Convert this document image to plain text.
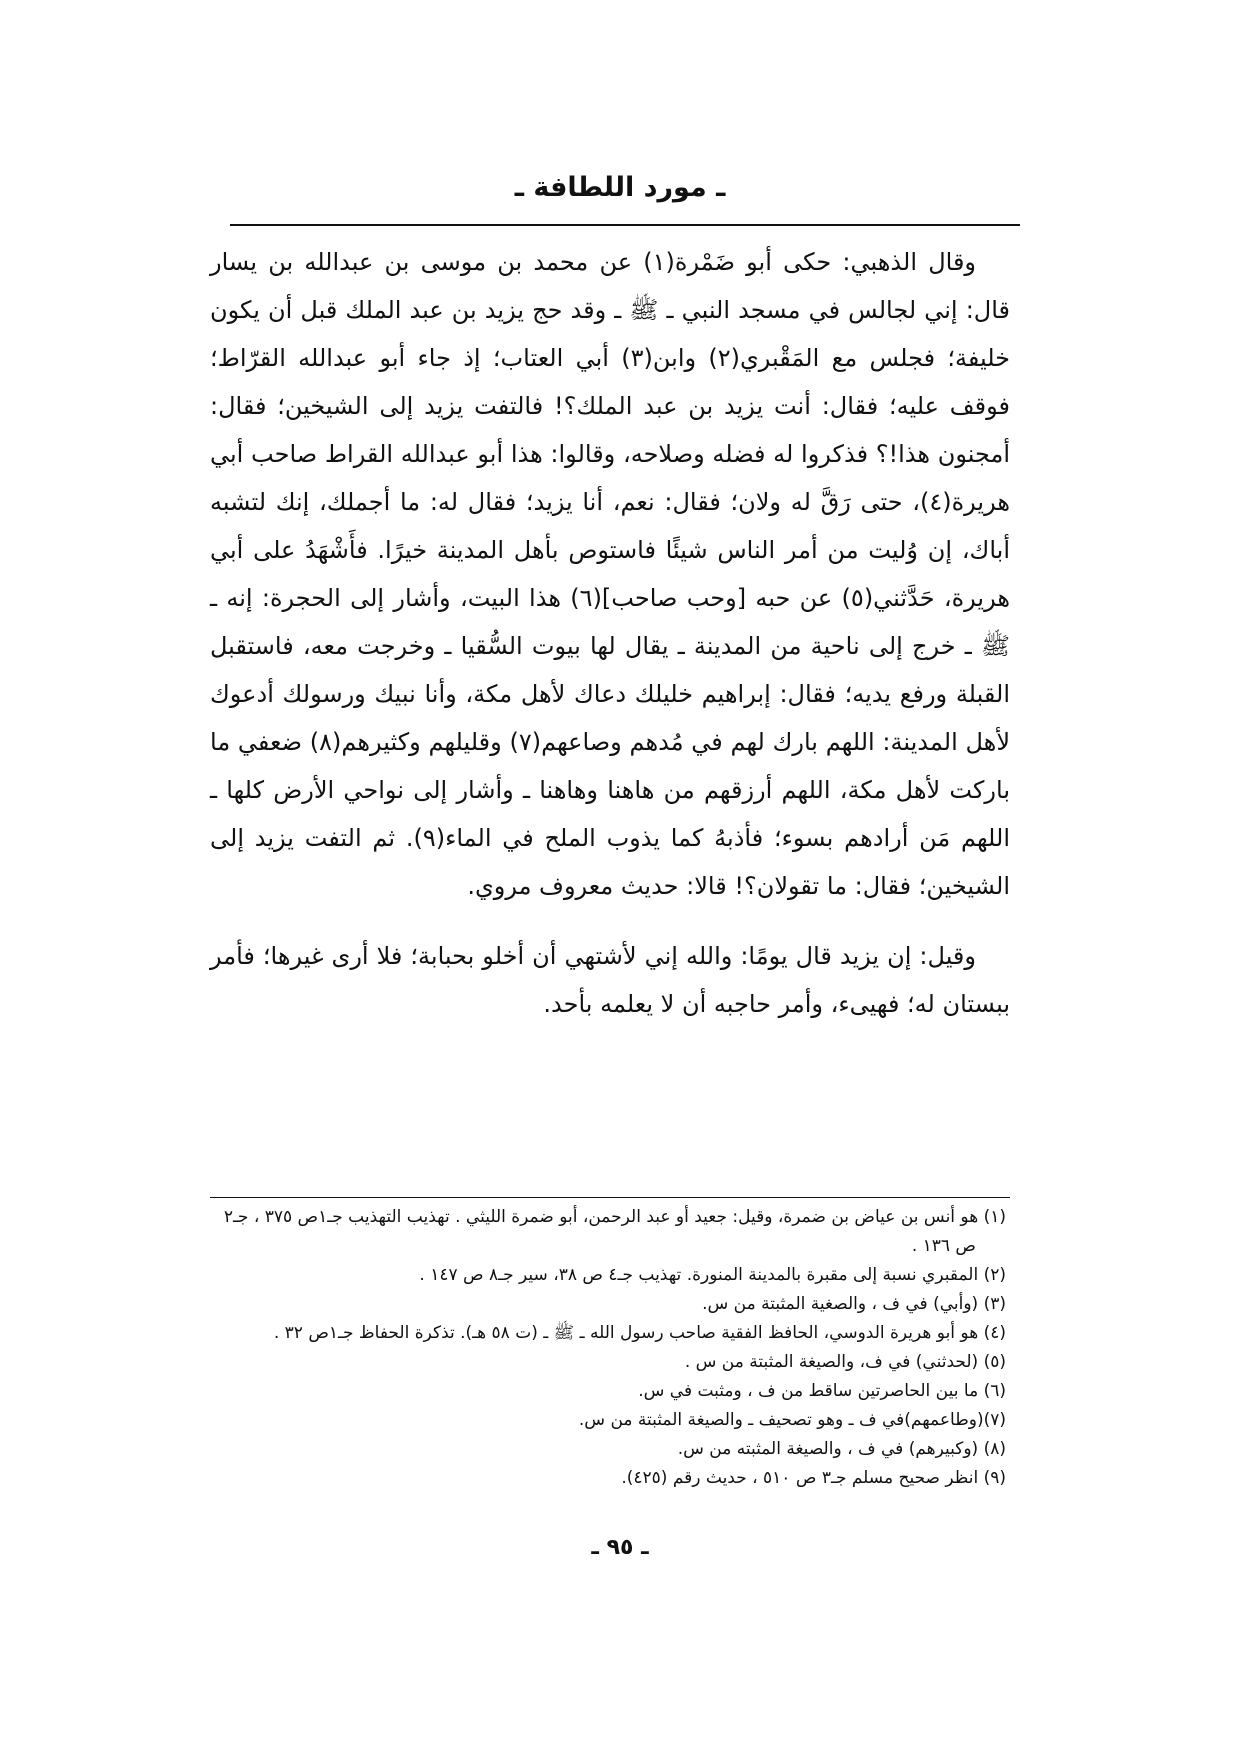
ـ مورد اللطافة ـ

وقال الذهبي: حكى أبو ضَمْرة(١) عن محمد بن موسى بن عبدالله بن يسار قال: إني لجالس في مسجد النبي ـ ﷺ ـ وقد حج يزيد بن عبد الملك قبل أن يكون خليفة؛ فجلس مع المَقْبري(٢) وابن(٣) أبي العتاب؛ إذ جاء أبو عبدالله القرّاط؛ فوقف عليه؛ فقال: أنت يزيد بن عبد الملك؟! فالتفت يزيد إلى الشيخين؛ فقال: أمجنون هذا!؟ فذكروا له فضله وصلاحه، وقالوا: هذا أبو عبدالله القراط صاحب أبي هريرة(٤)، حتى رَقَّ له ولان؛ فقال: نعم، أنا يزيد؛ فقال له: ما أجملك، إنك لتشبه أباك، إن وُليت من أمر الناس شيئًا فاستوص بأهل المدينة خيرًا. فأَشْهَدُ على أبي هريرة، حَدَّثني(٥) عن حبه [وحب صاحب](٦) هذا البيت، وأشار إلى الحجرة: إنه ـ ﷺ ـ خرج إلى ناحية من المدينة ـ يقال لها بيوت السُّقيا ـ وخرجت معه، فاستقبل القبلة ورفع يديه؛ فقال: إبراهيم خليلك دعاك لأهل مكة، وأنا نبيك ورسولك أدعوك لأهل المدينة: اللهم بارك لهم في مُدهم وصاعهم(٧) وقليلهم وكثيرهم(٨) ضعفي ما باركت لأهل مكة، اللهم أرزقهم من هاهنا وهاهنا ـ وأشار إلى نواحي الأرض كلها ـ اللهم مَن أرادهم بسوء؛ فأذبهُ كما يذوب الملح في الماء(٩). ثم التفت يزيد إلى الشيخين؛ فقال: ما تقولان؟! قالا: حديث معروف مروي.

وقيل: إن يزيد قال يومًا: والله إني لأشتهي أن أخلو بحبابة؛ فلا أرى غيرها؛ فأمر ببستان له؛ فهيىء، وأمر حاجبه أن لا يعلمه بأحد.

(١) هو أنس بن عياض بن ضمرة، وقيل: جعيد أو عبد الرحمن، أبو ضمرة الليثي . تهذيب التهذيب جـ١ص ٣٧٥ ، جـ٢ ص ١٣٦ .

(٢) المقبري نسبة إلى مقبرة بالمدينة المنورة. تهذيب جـ٤ ص ٣٨، سير جـ٨ ص ١٤٧ .

(٣) (وأبي) في ف ، والصغية المثبتة من س.

(٤) هو أبو هريرة الدوسي، الحافظ الفقية صاحب رسول الله ـ ﷺ ـ (ت ٥٨ هـ). تذكرة الحفاظ جـ١ص ٣٢ .

(٥) (لحدثني) في ف، والصيغة المثبتة من س .

(٦) ما بين الحاصرتين ساقط من ف ، ومثبت في س.

(٧)(وطاعمهم)في ف ـ وهو تصحيف ـ والصيغة المثبتة من س.

(٨) (وكبيرهم) في ف ، والصيغة المثبته من س.

(٩) انظر صحيح مسلم جـ٣ ص ٥١٠ ، حديث رقم (٤٢٥).

ـ ٩٥ ـ
